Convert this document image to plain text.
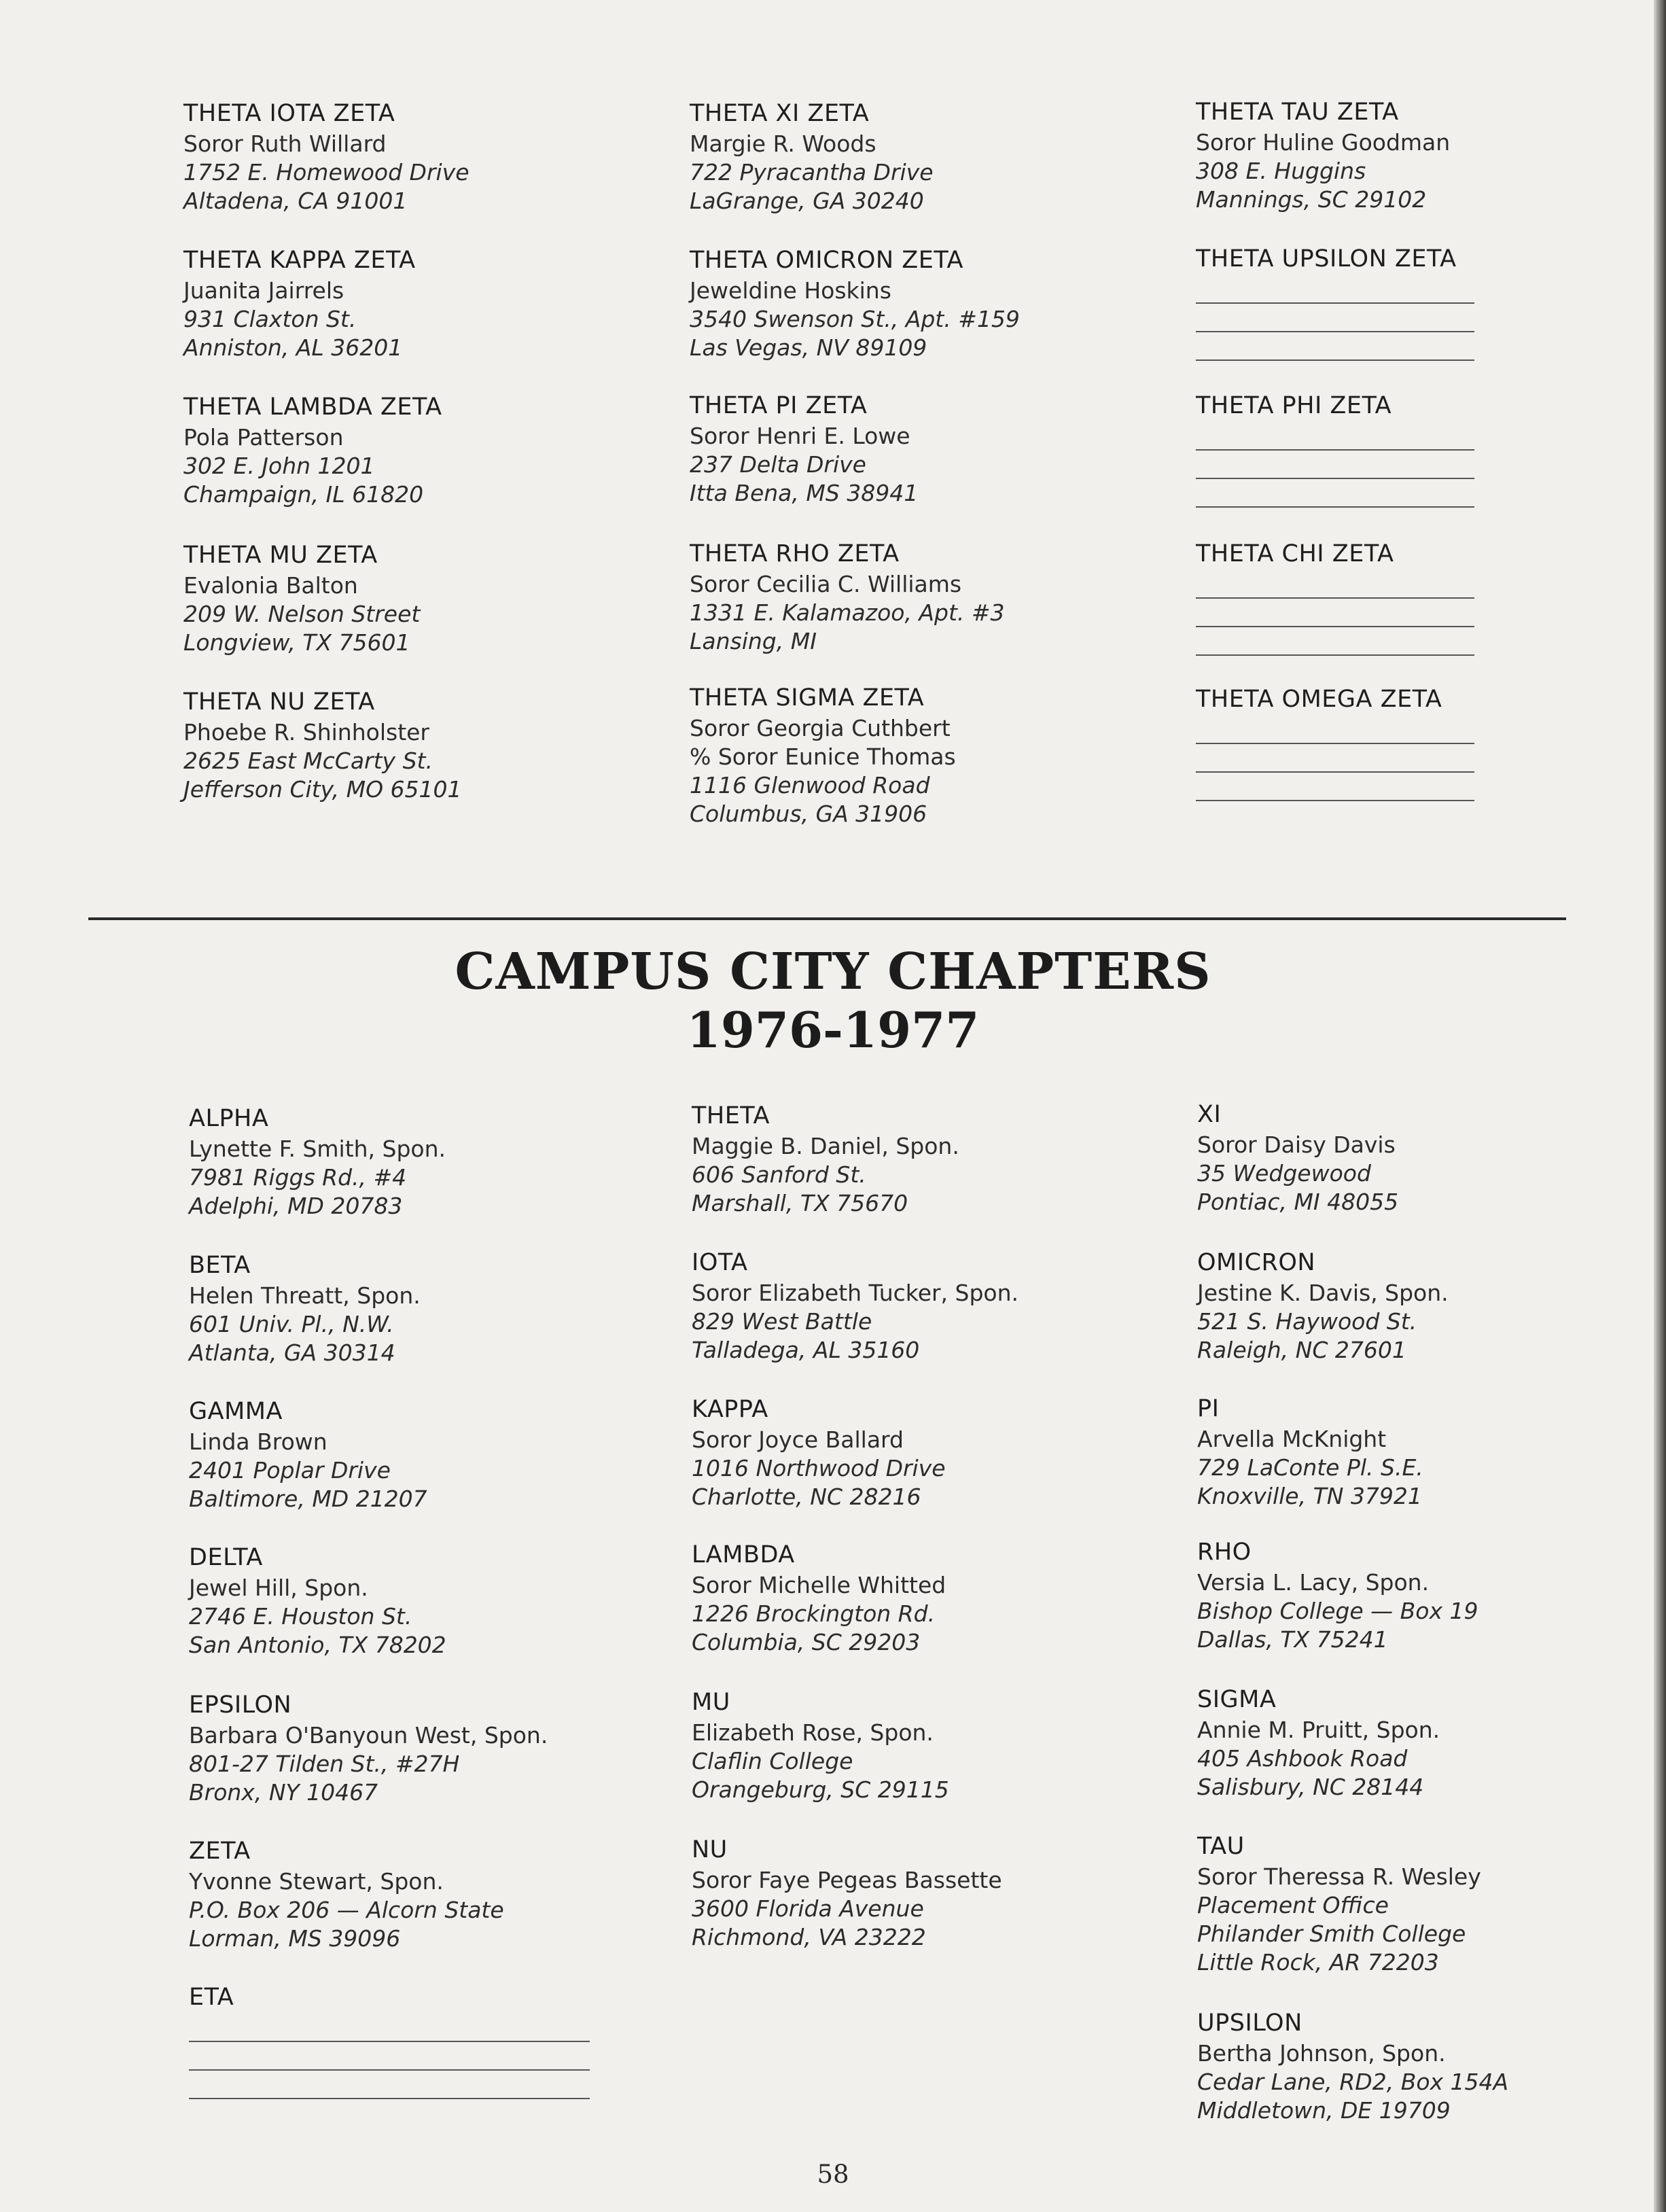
THETA IOTA ZETA
Soror Ruth Willard
1752 E. Homewood Drive
Altadena, CA 91001
THETA KAPPA ZETA
Juanita Jairrels
931 Claxton St.
Anniston, AL 36201
THETA LAMBDA ZETA
Pola Patterson
302 E. John 1201
Champaign, IL 61820
THETA MU ZETA
Evalonia Balton
209 W. Nelson Street
Longview, TX 75601
THETA NU ZETA
Phoebe R. Shinholster
2625 East McCarty St.
Jefferson City, MO 65101
THETA XI ZETA
Margie R. Woods
722 Pyracantha Drive
LaGrange, GA 30240
THETA OMICRON ZETA
Jeweldine Hoskins
3540 Swenson St., Apt. #159
Las Vegas, NV 89109
THETA PI ZETA
Soror Henri E. Lowe
237 Delta Drive
Itta Bena, MS 38941
THETA RHO ZETA
Soror Cecilia C. Williams
1331 E. Kalamazoo, Apt. #3
Lansing, MI
THETA SIGMA ZETA
Soror Georgia Cuthbert
% Soror Eunice Thomas
1116 Glenwood Road
Columbus, GA 31906
THETA TAU ZETA
Soror Huline Goodman
308 E. Huggins
Mannings, SC 29102
THETA UPSILON ZETA
THETA PHI ZETA
THETA CHI ZETA
THETA OMEGA ZETA
CAMPUS CITY CHAPTERS
1976-1977
ALPHA
Lynette F. Smith, Spon.
7981 Riggs Rd., #4
Adelphi, MD 20783
BETA
Helen Threatt, Spon.
601 Univ. Pl., N.W.
Atlanta, GA 30314
GAMMA
Linda Brown
2401 Poplar Drive
Baltimore, MD 21207
DELTA
Jewel Hill, Spon.
2746 E. Houston St.
San Antonio, TX 78202
EPSILON
Barbara O'Banyoun West, Spon.
801-27 Tilden St., #27H
Bronx, NY 10467
ZETA
Yvonne Stewart, Spon.
P.O. Box 206 — Alcorn State
Lorman, MS 39096
ETA
THETA
Maggie B. Daniel, Spon.
606 Sanford St.
Marshall, TX 75670
IOTA
Soror Elizabeth Tucker, Spon.
829 West Battle
Talladega, AL 35160
KAPPA
Soror Joyce Ballard
1016 Northwood Drive
Charlotte, NC 28216
LAMBDA
Soror Michelle Whitted
1226 Brockington Rd.
Columbia, SC 29203
MU
Elizabeth Rose, Spon.
Claflin College
Orangeburg, SC 29115
NU
Soror Faye Pegeas Bassette
3600 Florida Avenue
Richmond, VA 23222
XI
Soror Daisy Davis
35 Wedgewood
Pontiac, MI 48055
OMICRON
Jestine K. Davis, Spon.
521 S. Haywood St.
Raleigh, NC 27601
PI
Arvella McKnight
729 LaConte Pl. S.E.
Knoxville, TN 37921
RHO
Versia L. Lacy, Spon.
Bishop College — Box 19
Dallas, TX 75241
SIGMA
Annie M. Pruitt, Spon.
405 Ashbook Road
Salisbury, NC 28144
TAU
Soror Theressa R. Wesley
Placement Office
Philander Smith College
Little Rock, AR 72203
UPSILON
Bertha Johnson, Spon.
Cedar Lane, RD2, Box 154A
Middletown, DE 19709
58
